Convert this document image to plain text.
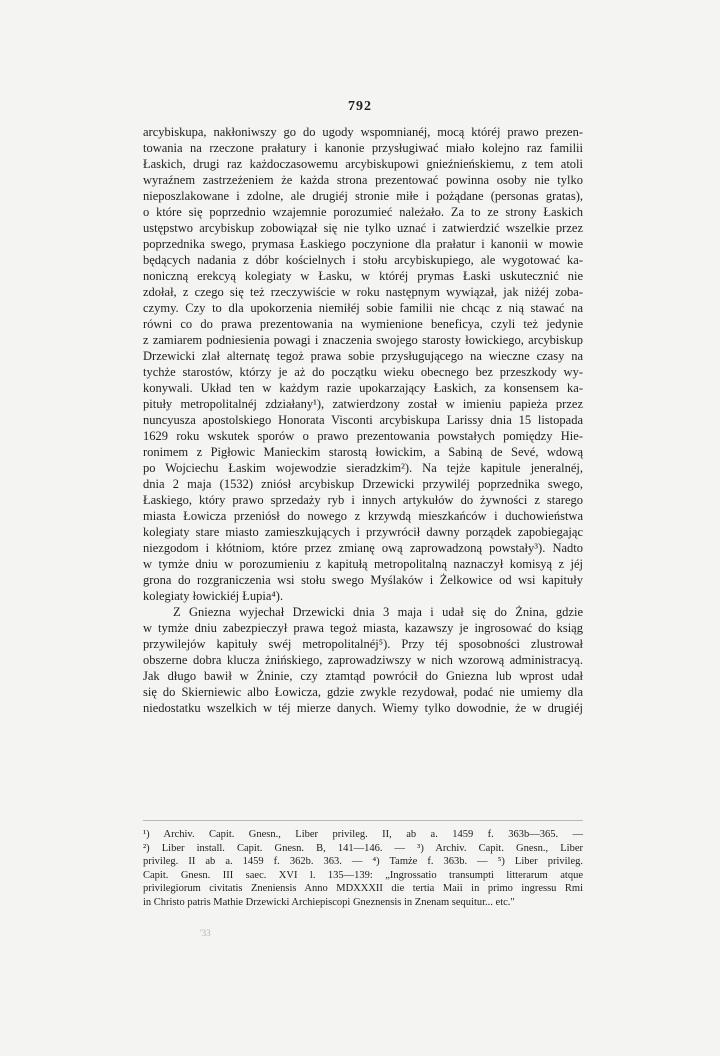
792
arcybiskupa, nakłoniwszy go do ugody wspomnianéj, mocą któréj prawo prezen-
towania na rzeczone prałatury i kanonie przysługiwać miało kolejno raz familii
Łaskich, drugi raz każdoczasowemu arcybiskupowi gnieźnieńskiemu, z tem atoli
wyraźnem zastrzeżeniem że każda strona prezentować powinna osoby nie tylko
nieposzlakowane i zdolne, ale drugiéj stronie miłe i pożądane (personas gratas),
o które się poprzednio wzajemnie porozumieć należało. Za to ze strony Łaskich
ustępstwo arcybiskup zobowiązał się nie tylko uznać i zatwierdzić wszelkie przez
poprzednika swego, prymasa Łaskiego poczynione dla prałatur i kanonii w mowie
będących nadania z dóbr kościelnych i stołu arcybiskupiego, ale wygotować ka-
noniczną erekcyą kolegiaty w Łasku, w któréj prymas Łaski uskutecznić nie
zdołał, z czego się też rzeczywiście w roku następnym wywiązał, jak niżéj zoba-
czymy. Czy to dla upokorzenia niemiłéj sobie familii nie chcąc z nią stawać na
równi co do prawa prezentowania na wymienione beneficya, czyli też jedynie
z zamiarem podniesienia powagi i znaczenia swojego starosty łowickiego, arcybiskup
Drzewicki zlał alternatę tegoż prawa sobie przysługującego na wieczne czasy na
tychże starostów, którzy je aż do początku wieku obecnego bez przeszkody wy-
konywali. Układ ten w każdym razie upokarzający Łaskich, za konsensem ka-
pituły metropolitalnéj zdziałany¹), zatwierdzony został w imieniu papieża przez
nuncyusza apostolskiego Honorata Visconti arcybiskupa Larissy dnia 15 listopada
1629 roku wskutek sporów o prawo prezentowania powstałych pomiędzy Hie-
ronimem z Pigłowic Manieckim starostą łowickim, a Sabiną de Sevé, wdową
po Wojciechu Łaskim wojewodzie sieradzkim²). Na tejże kapitule jeneralnéj,
dnia 2 maja (1532) zniósł arcybiskup Drzewicki przywiléj poprzednika swego,
Łaskiego, który prawo sprzedaży ryb i innych artykułów do żywności z starego
miasta Łowicza przeniósł do nowego z krzywdą mieszkańców i duchowieństwa
kolegiaty stare miasto zamieszkujących i przywrócił dawny porządek zapobiegając
niezgodom i kłótniom, które przez zmianę ową zaprowadzoną powstały³). Nadto
w tymże dniu w porozumieniu z kapitułą metropolitalną naznaczył komisyą z jéj
grona do rozgraniczenia wsi stołu swego Myślaków i Żelkowice od wsi kapituły
kolegiaty łowickiéj Łupia⁴).
Z Gniezna wyjechał Drzewicki dnia 3 maja i udał się do Żnina, gdzie
w tymże dniu zabezpieczył prawa tegoż miasta, kazawszy je ingrosować do ksiąg
przywilejów kapituły swéj metropolitalnéj⁵). Przy téj sposobności zlustrował
obszerne dobra klucza żnińskiego, zaprowadziwszy w nich wzorową administracyą.
Jak długo bawił w Żninie, czy ztamtąd powrócił do Gniezna lub wprost udał
się do Skierniewic albo Łowicza, gdzie zwykle rezydował, podać nie umiemy dla
niedostatku wszelkich w téj mierze danych. Wiemy tylko dowodnie, że w drugiéj
¹) Archiv. Capit. Gnesn., Liber privileg. II, ab a. 1459 f. 363b—365. —
²) Liber install. Capit. Gnesn. B, 141—146. — ³) Archiv. Capit. Gnesn., Liber
privileg. II ab a. 1459 f. 362b. 363. — ⁴) Tamże f. 363b. — ⁵) Liber privileg.
Capit. Gnesn. III saec. XVI l. 135—139: „Ingrossatio transumpti litterarum atque
privilegiorum civitatis Zneniensis Anno MDXXXII die tertia Maii in primo ingressu Rmi
in Christo patris Mathie Drzewicki Archiepiscopi Gneznensis in Znenam sequitur... etc."
'33
